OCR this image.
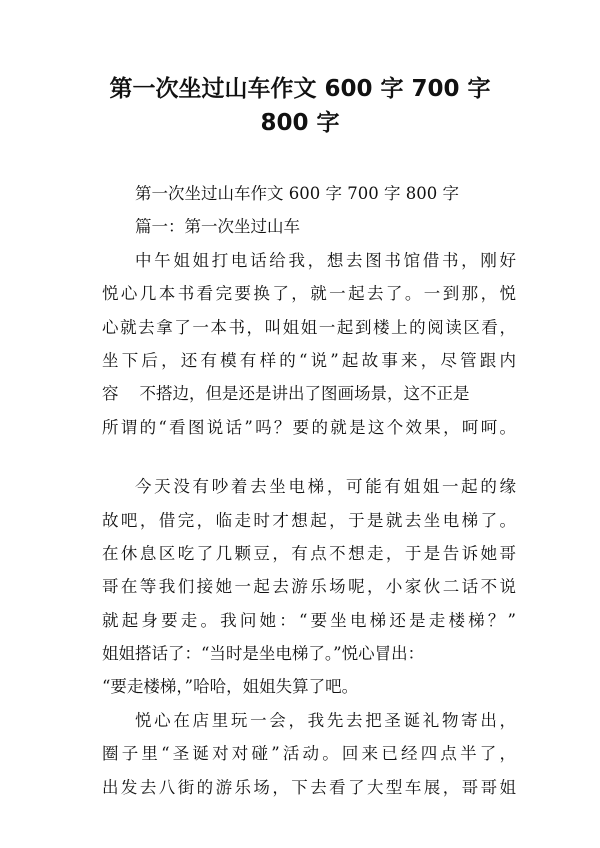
第一次坐过山车作文 600 字 700 字
800 字
第一次坐过山车作文 600 字 700 字 800 字
篇一：第一次坐过山车
中午姐姐打电话给我，想去图书馆借书，刚好
悦心几本书看完要换了，就一起去了。一到那，悦
心就去拿了一本书，叫姐姐一起到楼上的阅读区看，
坐下后，还有模有样的“说”起故事来，尽管跟内
容    不搭边，但是还是讲出了图画场景，这不正是
所谓的“看图说话”吗？要的就是这个效果，呵呵。
今天没有吵着去坐电梯，可能有姐姐一起的缘
故吧，借完，临走时才想起，于是就去坐电梯了。
在休息区吃了几颗豆，有点不想走，于是告诉她哥
哥在等我们接她一起去游乐场呢，小家伙二话不说
就起身要走。我问她：“要坐电梯还是走楼梯？”
姐姐搭话了：“当时是坐电梯了。”悦心冒出：
“要走楼梯，”哈哈，姐姐失算了吧。
悦心在店里玩一会，我先去把圣诞礼物寄出，
圈子里“圣诞对对碰”活动。回来已经四点半了，
出发去八街的游乐场，下去看了大型车展，哥哥姐
